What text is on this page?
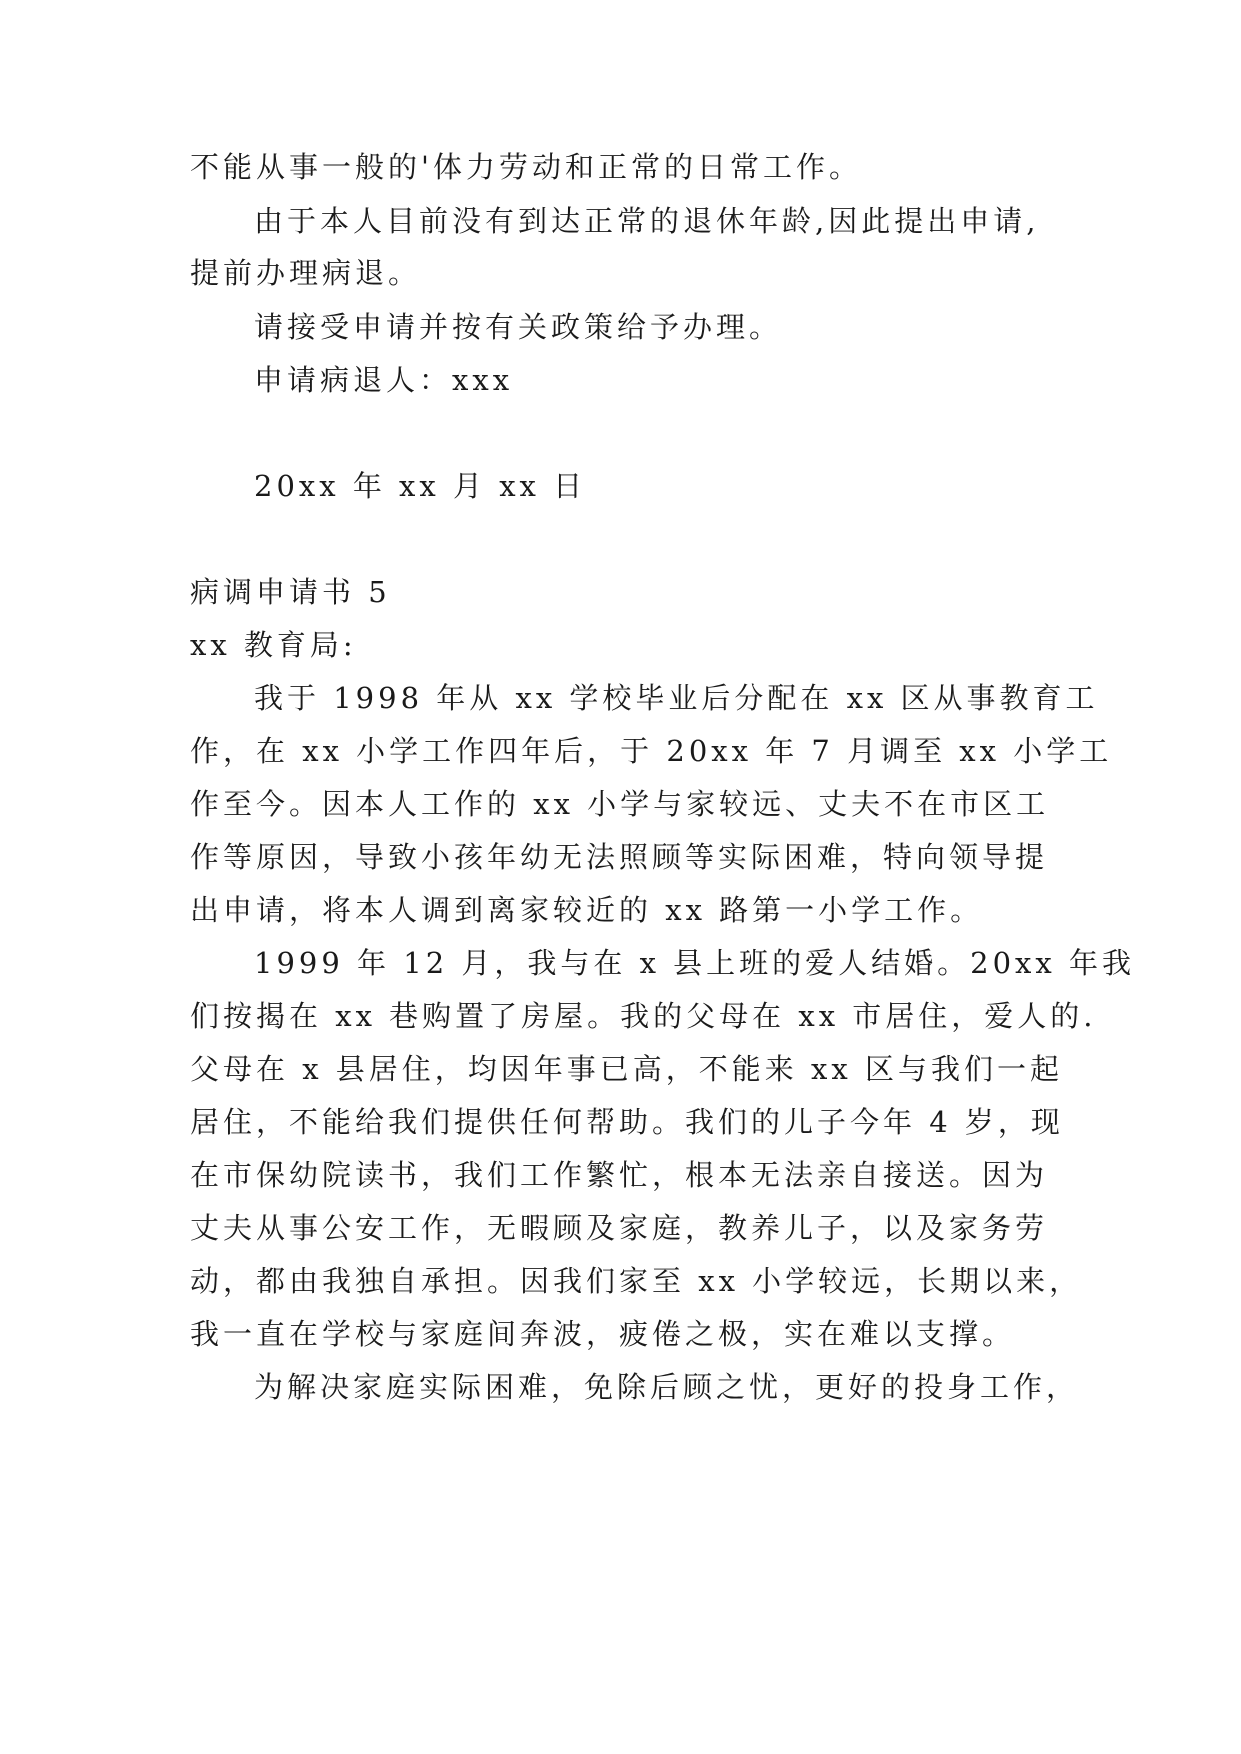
不能从事一般的'体力劳动和正常的日常工作。
由于本人目前没有到达正常的退休年龄,因此提出申请,
提前办理病退。
请接受申请并按有关政策给予办理。
申请病退人：xxx
20xx 年 xx 月 xx 日
病调申请书 5
xx 教育局:
我于 1998 年从 xx 学校毕业后分配在 xx 区从事教育工
作，在 xx 小学工作四年后，于 20xx 年 7 月调至 xx 小学工
作至今。因本人工作的 xx 小学与家较远、丈夫不在市区工
作等原因，导致小孩年幼无法照顾等实际困难，特向领导提
出申请，将本人调到离家较近的 xx 路第一小学工作。
1999 年 12 月，我与在 x 县上班的爱人结婚。20xx 年我
们按揭在 xx 巷购置了房屋。我的父母在 xx 市居住，爱人的.
父母在 x 县居住，均因年事已高，不能来 xx 区与我们一起
居住，不能给我们提供任何帮助。我们的儿子今年 4 岁，现
在市保幼院读书，我们工作繁忙，根本无法亲自接送。因为
丈夫从事公安工作，无暇顾及家庭，教养儿子，以及家务劳
动，都由我独自承担。因我们家至 xx 小学较远，长期以来，
我一直在学校与家庭间奔波，疲倦之极，实在难以支撑。
为解决家庭实际困难，免除后顾之忧，更好的投身工作，
